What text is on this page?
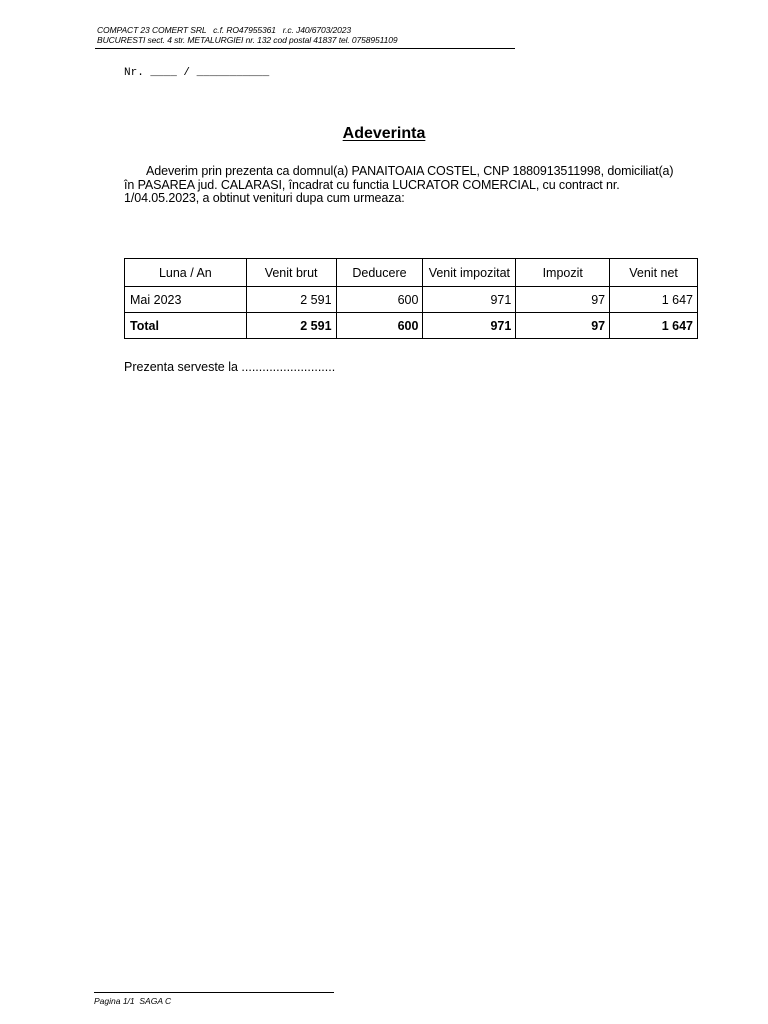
COMPACT 23 COMERT SRL   c.f. RO47955361   r.c. J40/6703/2023
BUCURESTI sect. 4 str. METALURGIEI nr. 132 cod postal 41837 tel. 0758951109
Nr. ____ / ___________
Adeverinta

Adeverim prin prezenta ca domnul(a) PANAITOAIA COSTEL, CNP 1880913511998, domiciliat(a) în PASAREA jud. CALARASI, încadrat cu functia LUCRATOR COMERCIAL, cu contract nr. 1/04.05.2023, a obtinut venituri dupa cum urmeaza:

Luna / An	Venit brut	Deducere	Venit impozitat	Impozit	Venit net
Mai 2023	2 591	600	971	97	1 647
Total	2 591	600	971	97	1 647
Prezenta serveste la ...........................
Pagina 1/1  SAGA C
